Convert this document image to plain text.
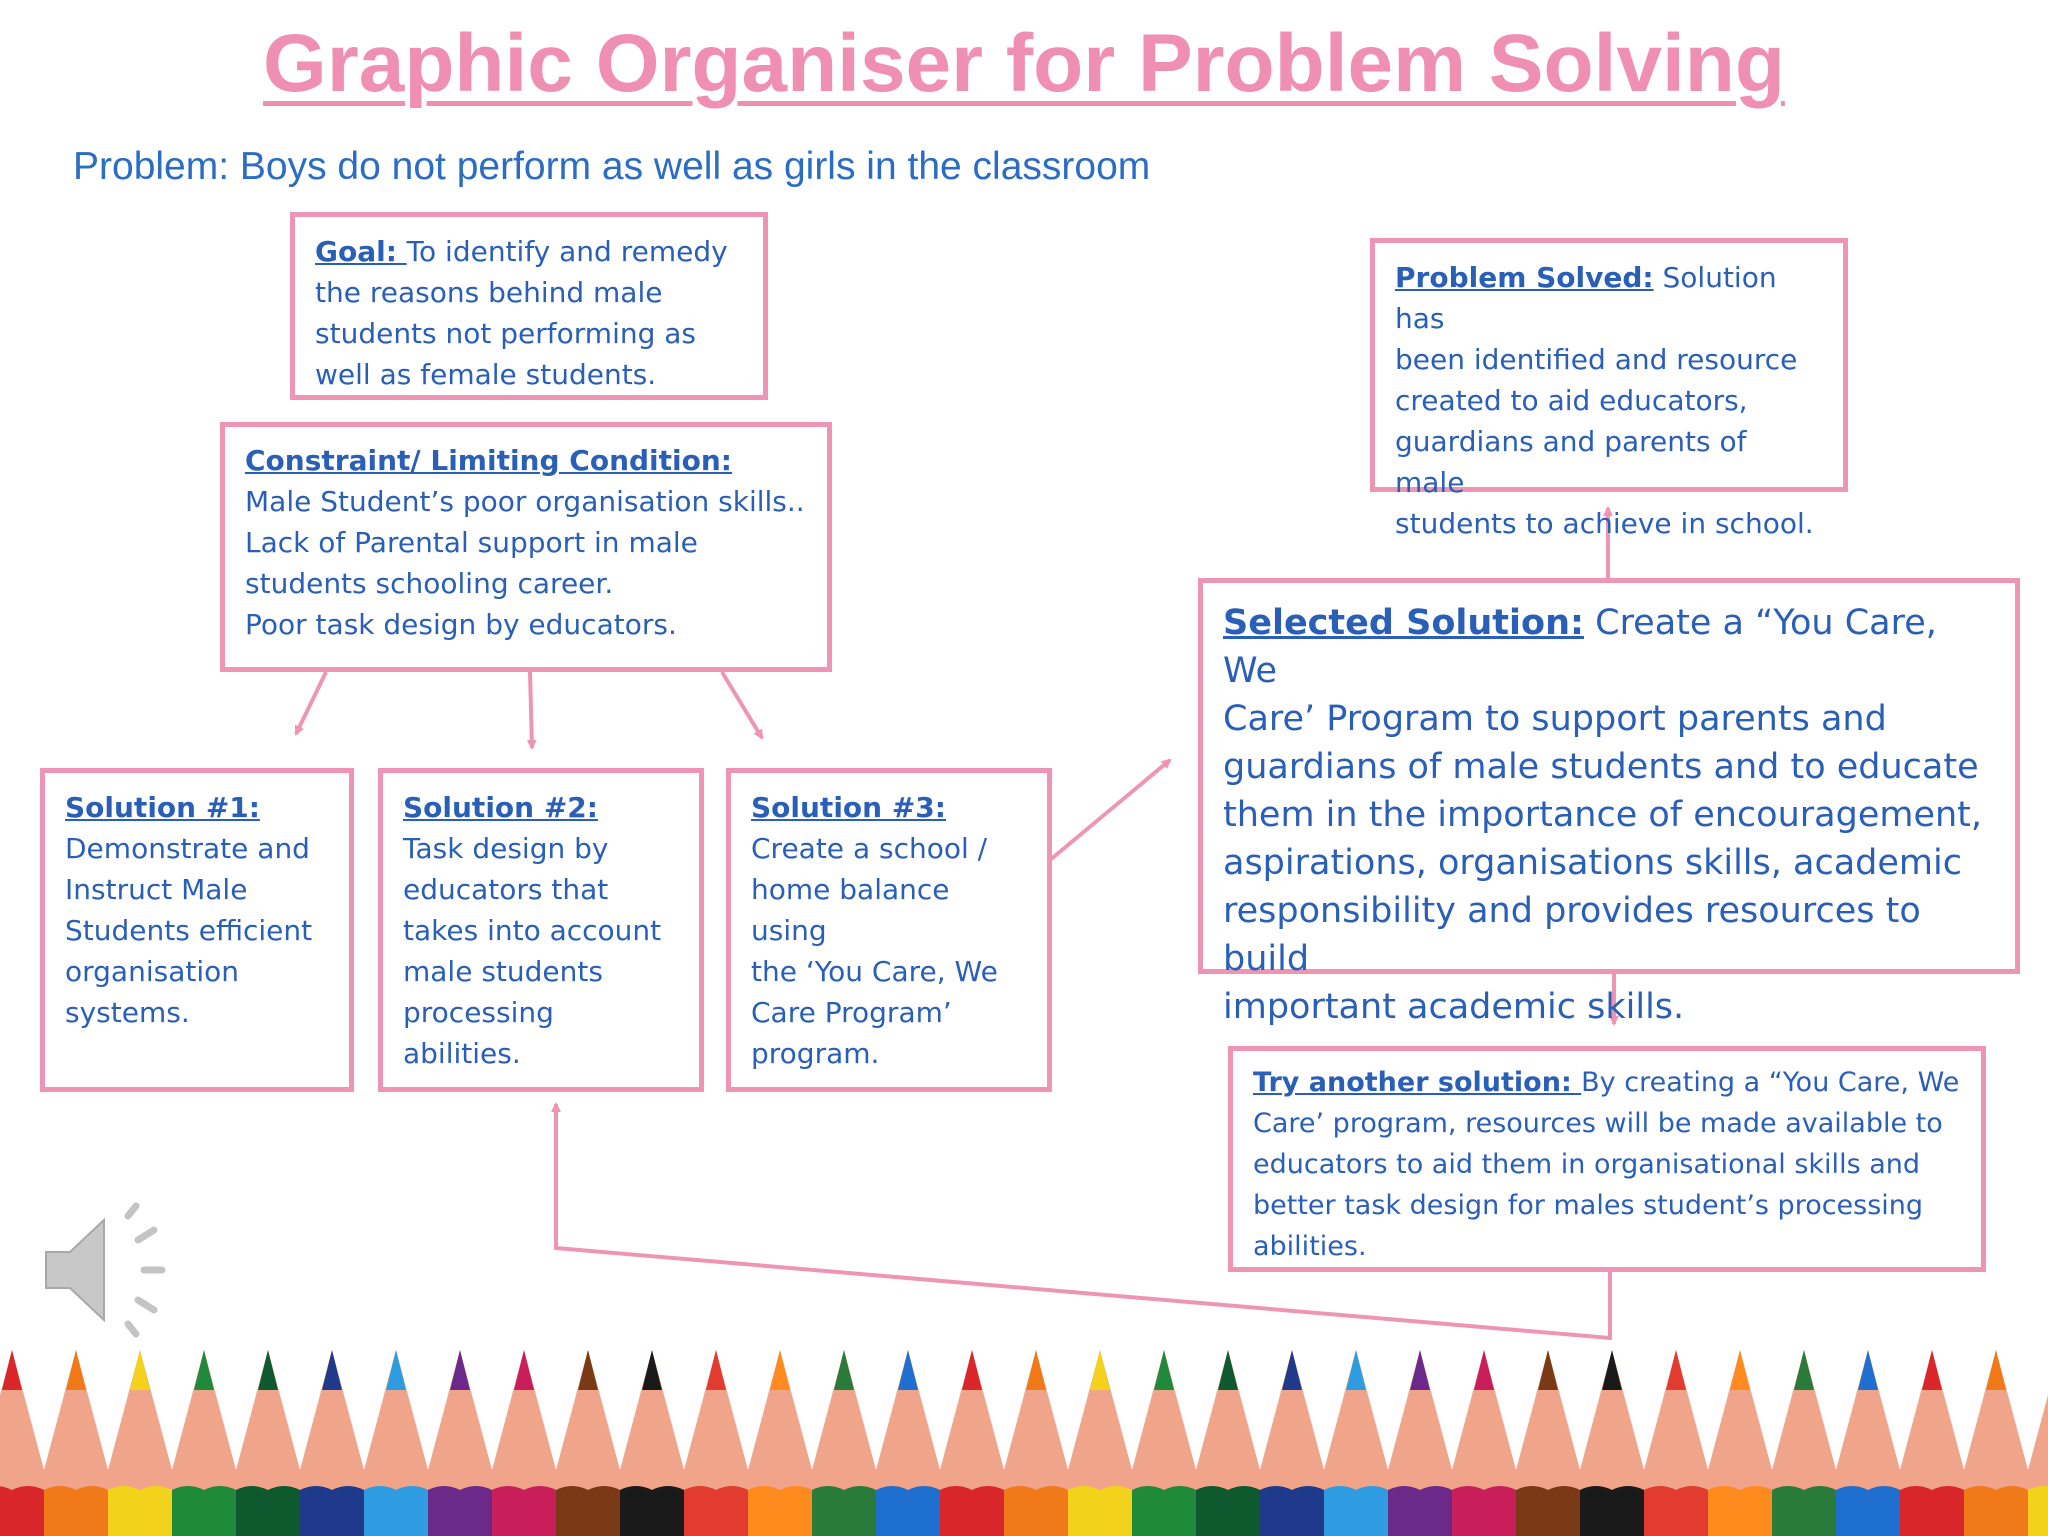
Graphic Organiser for Problem Solving
Problem: Boys do not perform as well as girls in the classroom
Goal: To identify and remedy
the reasons behind male
students not performing as
well as female students.
Constraint/ Limiting Condition:
Male Student’s poor organisation skills..
Lack of Parental support in male
students schooling career.
Poor task design by educators.
Solution #1:
Demonstrate and
Instruct Male
Students efficient
organisation
systems.
Solution #2:
Task design by
educators that
takes into account
male students
processing abilities.
Solution #3:
Create a school /
home balance using
the ‘You Care, We
Care Program’
program.
Problem Solved: Solution has
been identified and resource
created to aid educators,
guardians and parents of male
students to achieve in school.
Selected Solution: Create a “You Care, We
Care’ Program to support parents and
guardians of male students and to educate
them in the importance of encouragement,
aspirations, organisations skills, academic
responsibility and provides resources to build
important academic skills.
Try another solution: By creating a “You Care, We
Care’ program, resources will be made available to
educators to aid them in organisational skills and
better task design for males student’s processing
abilities.
